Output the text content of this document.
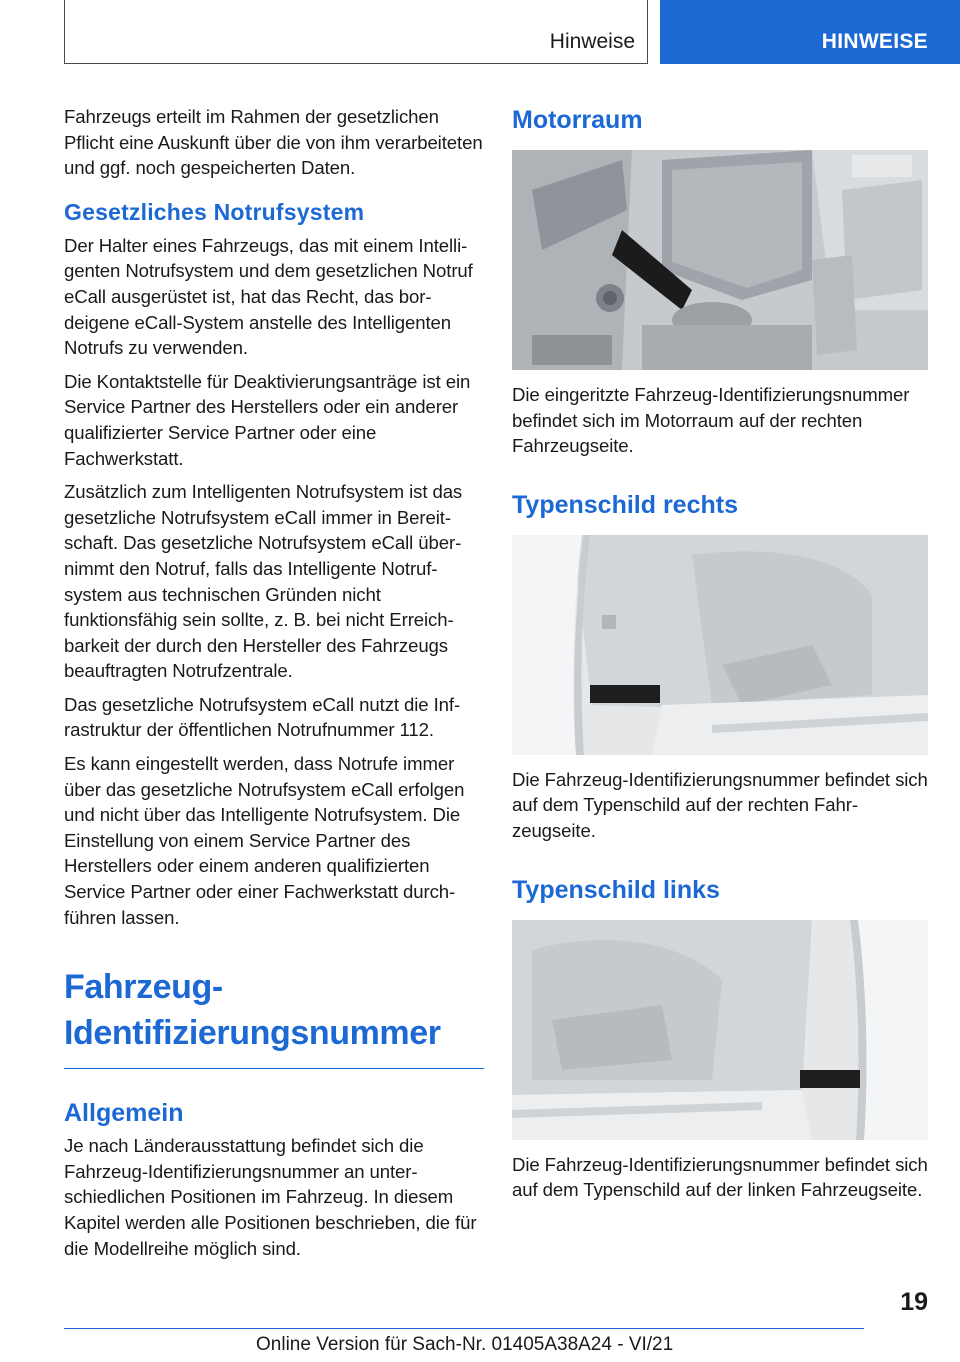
Hinweise	HINWEISE

Fahrzeugs erteilt im Rahmen der gesetzlichen Pflicht eine Auskunft über die von ihm verarbeiteten und ggf. noch gespeicherten Daten.

Gesetzliches Notrufsystem

Der Halter eines Fahrzeugs, das mit einem Intelligenten Notrufsystem und dem gesetzlichen Notruf eCall ausgerüstet ist, hat das Recht, das bordeigene eCall-System anstelle des Intelligenten Notrufs zu verwenden.

Die Kontaktstelle für Deaktivierungsanträge ist ein Service Partner des Herstellers oder ein anderer qualifizierter Service Partner oder eine Fachwerkstatt.

Zusätzlich zum Intelligenten Notrufsystem ist das gesetzliche Notrufsystem eCall immer in Bereitschaft. Das gesetzliche Notrufsystem eCall übernimmt den Notruf, falls das Intelligente Notrufsystem aus technischen Gründen nicht funktionsfähig sein sollte, z. B. bei nicht Erreichbarkeit der durch den Hersteller des Fahrzeugs beauftragten Notrufzentrale.

Das gesetzliche Notrufsystem eCall nutzt die Infrastruktur der öffentlichen Notrufnummer 112.

Es kann eingestellt werden, dass Notrufe immer über das gesetzliche Notrufsystem eCall erfolgen und nicht über das Intelligente Notrufsystem. Die Einstellung von einem Service Partner des Herstellers oder einem anderen qualifizierten Service Partner oder einer Fachwerkstatt durchführen lassen.

Fahrzeug-
Identifizierungsnummer
Allgemein

Je nach Länderausstattung befindet sich die Fahrzeug-Identifizierungsnummer an unterschiedlichen Positionen im Fahrzeug. In diesem Kapitel werden alle Positionen beschrieben, die für die Modellreihe möglich sind.

Motorraum

Die eingeritzte Fahrzeug-Identifizierungsnummer befindet sich im Motorraum auf der rechten Fahrzeugseite.

Typenschild rechts

Die Fahrzeug-Identifizierungsnummer befindet sich auf dem Typenschild auf der rechten Fahrzeugseite.

Typenschild links

Die Fahrzeug-Identifizierungsnummer befindet sich auf dem Typenschild auf der linken Fahrzeugseite.

19
Online Version für Sach-Nr. 01405A38A24 - VI/21
